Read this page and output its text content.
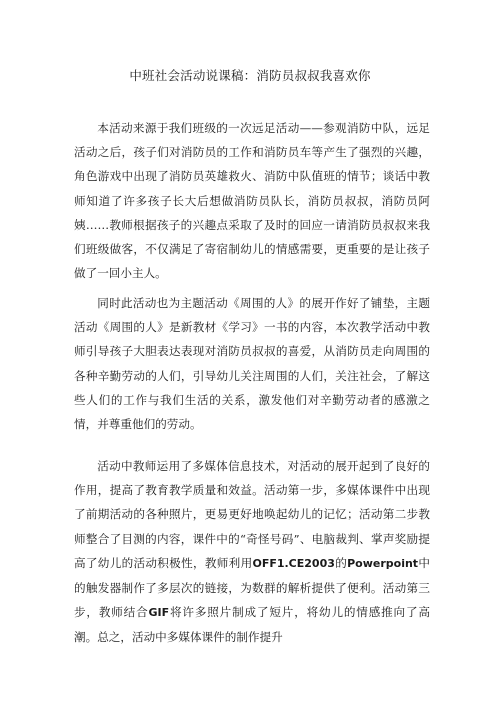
中班社会活动说课稿：消防员叔叔我喜欢你

本活动来源于我们班级的一次远足活动——参观消防中队，远足活动之后，孩子们对消防员的工作和消防员车等产生了强烈的兴趣，角色游戏中出现了消防员英雄救火、消防中队值班的情节；谈话中教师知道了许多孩子长大后想做消防员队长，消防员叔叔，消防员阿姨……教师根据孩子的兴趣点采取了及时的回应一请消防员叔叔来我们班级做客，不仅满足了寄宿制幼儿的情感需要，更重要的是让孩子做了一回小主人。

同时此活动也为主题活动《周围的人》的展开作好了铺垫，主题活动《周围的人》是新教材《学习》一书的内容，本次教学活动中教师引导孩子大胆表达表现对消防员叔叔的喜爱，从消防员走向周围的各种辛勤劳动的人们，引导幼儿关注周围的人们，关注社会，了解这些人们的工作与我们生活的关系，激发他们对辛勤劳动者的感激之情，并尊重他们的劳动。

活动中教师运用了多媒体信息技术，对活动的展开起到了良好的作用，提高了教育教学质量和效益。活动第一步，多媒体课件中出现了前期活动的各种照片，更易更好地唤起幼儿的记忆；活动第二步教师整合了目测的内容，课件中的“奇怪号码”、电脑裁判、掌声奖励提高了幼儿的活动积极性，教师利用OFF1.CE2003的Powerpoint中的触发器制作了多层次的链接，为数群的解析提供了便利。活动第三步，教师结合GIF将许多照片制成了短片，将幼儿的情感推向了高潮。总之，活动中多媒体课件的制作提升
